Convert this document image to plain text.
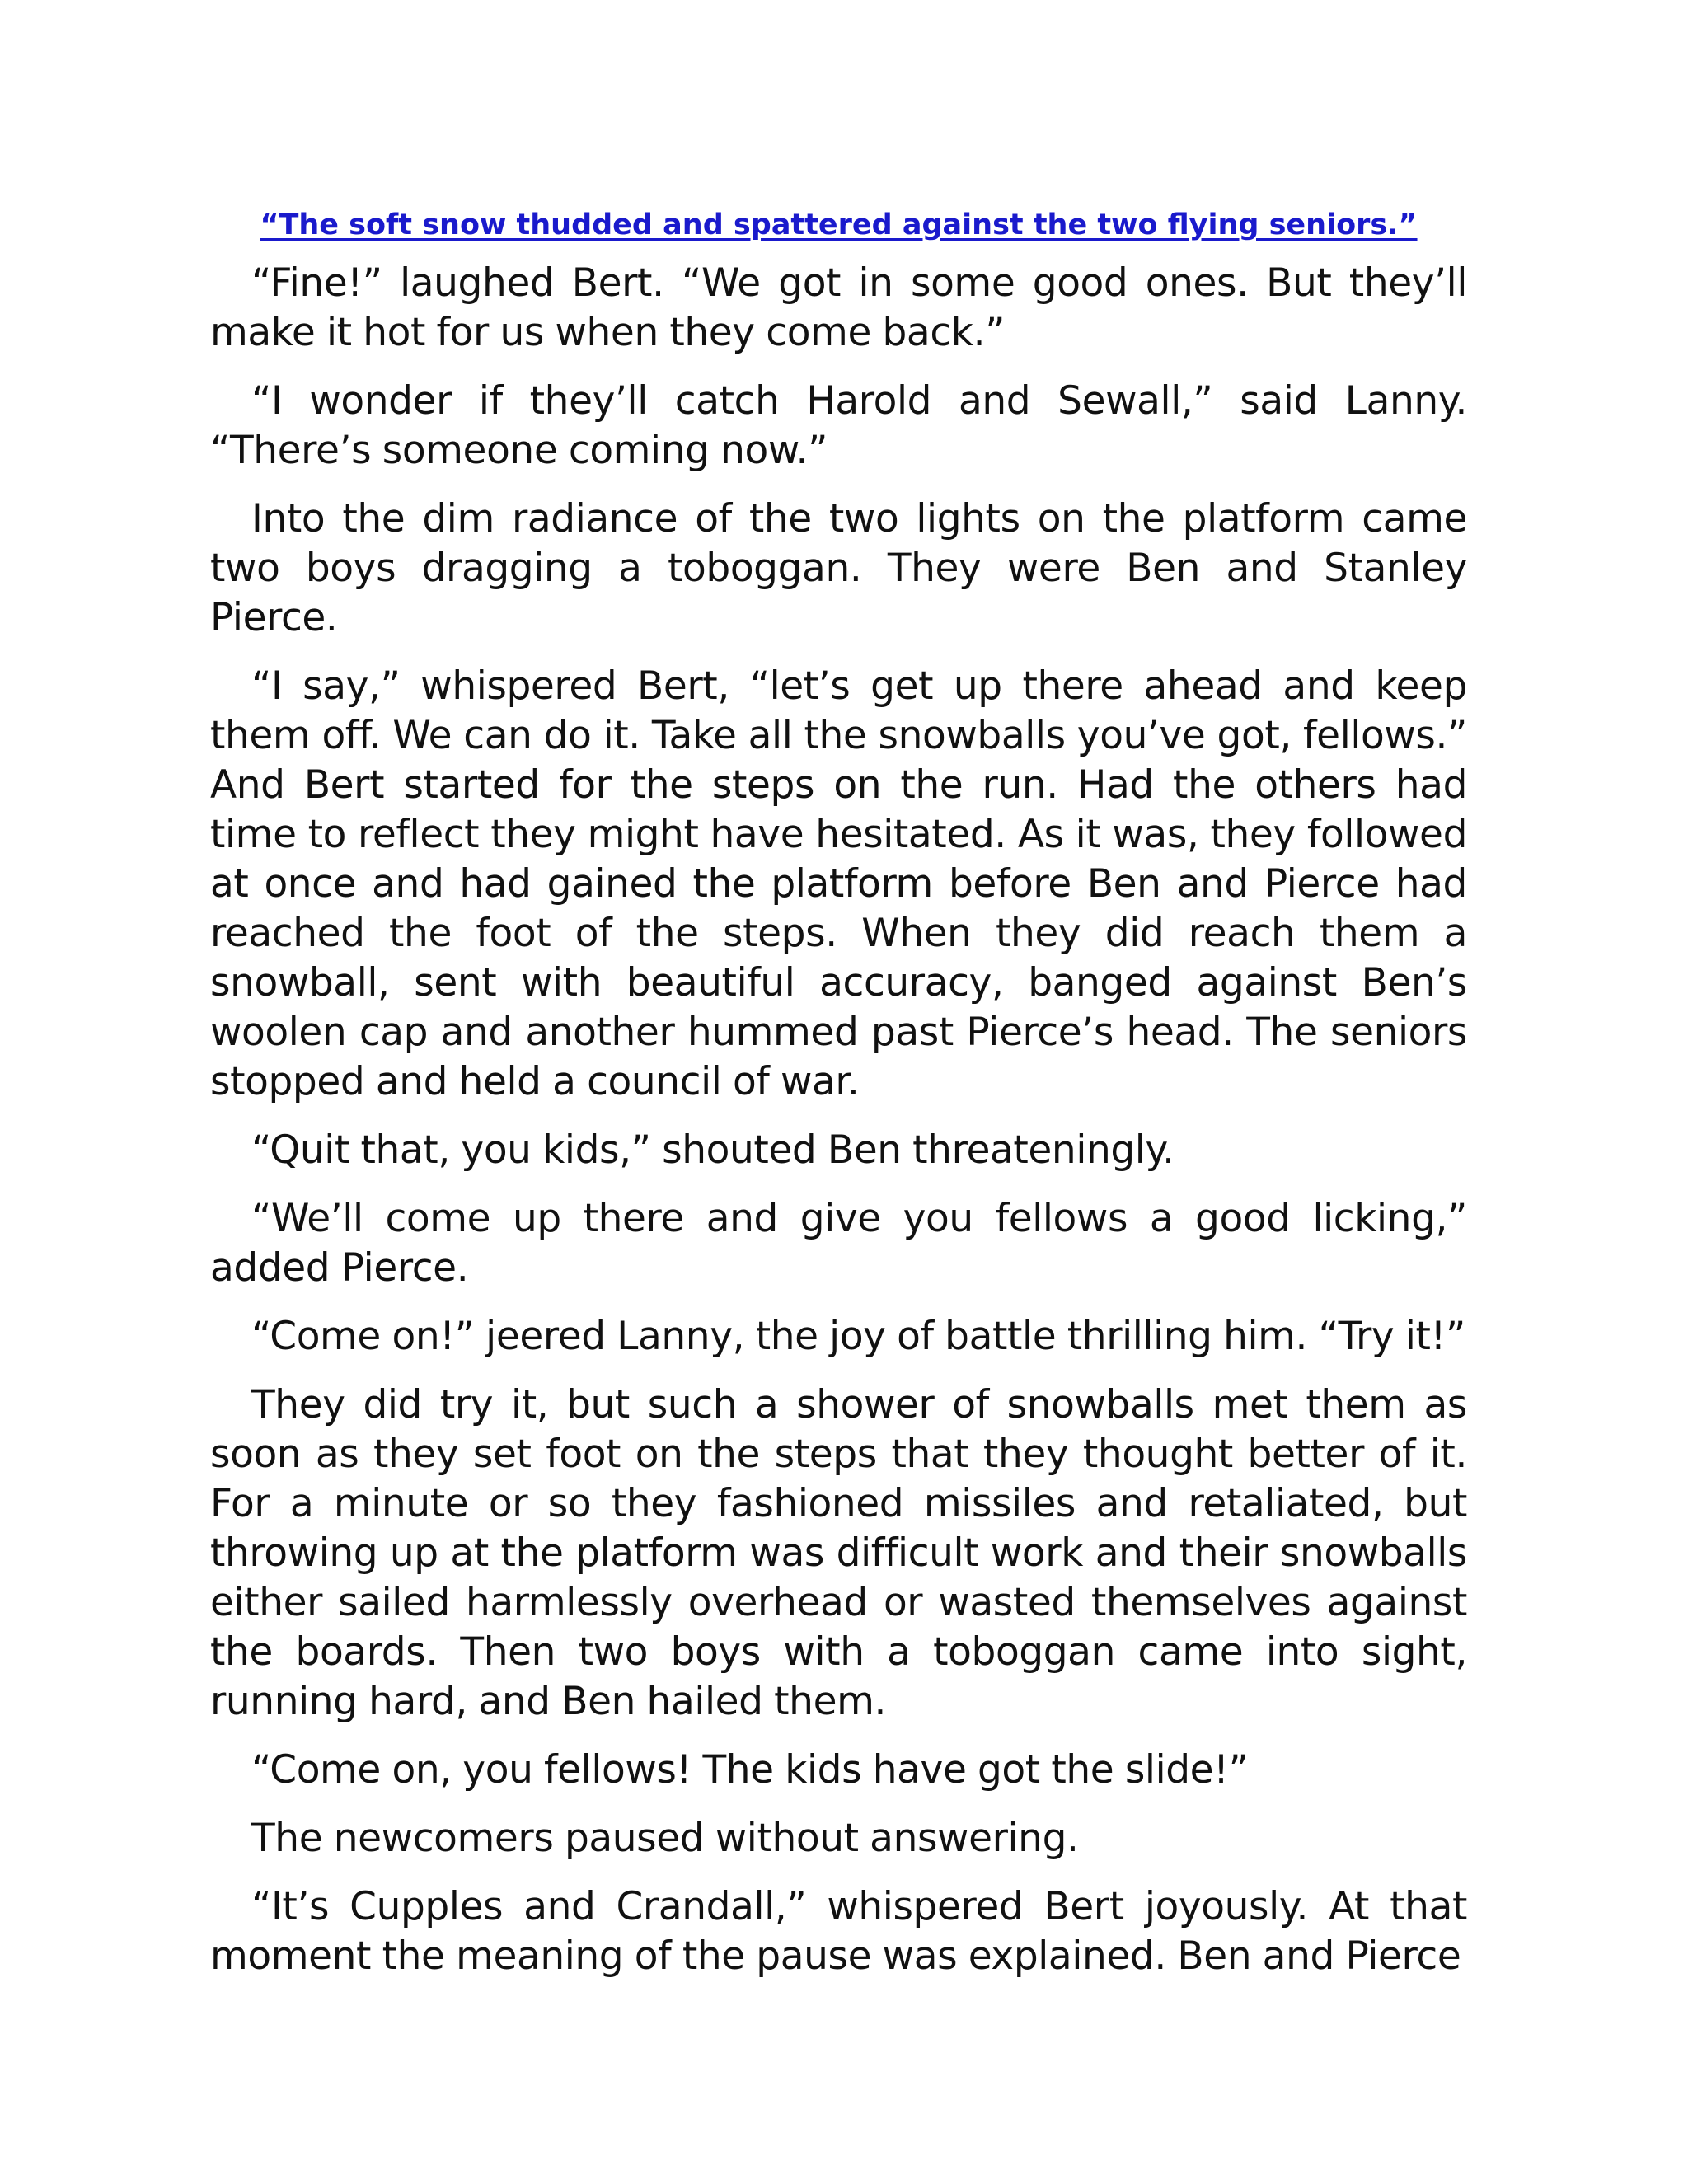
“The soft snow thudded and spattered against the two flying seniors.”

“Fine!” laughed Bert. “We got in some good ones. But they’ll make it hot for us when they come back.”

“I wonder if they’ll catch Harold and Sewall,” said Lanny. “There’s someone coming now.”

Into the dim radiance of the two lights on the platform came two boys dragging a toboggan. They were Ben and Stanley Pierce.

“I say,” whispered Bert, “let’s get up there ahead and keep them off. We can do it. Take all the snowballs you’ve got, fellows.” And Bert started for the steps on the run. Had the others had time to reflect they might have hesitated. As it was, they followed at once and had gained the platform before Ben and Pierce had reached the foot of the steps. When they did reach them a snowball, sent with beautiful accuracy, banged against Ben’s woolen cap and another hummed past Pierce’s head. The seniors stopped and held a council of war.

“Quit that, you kids,” shouted Ben threateningly.

“We’ll come up there and give you fellows a good licking,” added Pierce.

“Come on!” jeered Lanny, the joy of battle thrilling him. “Try it!”

They did try it, but such a shower of snowballs met them as soon as they set foot on the steps that they thought better of it. For a minute or so they fashioned missiles and retaliated, but throwing up at the platform was difficult work and their snowballs either sailed harmlessly overhead or wasted themselves against the boards. Then two boys with a toboggan came into sight, running hard, and Ben hailed them.

“Come on, you fellows! The kids have got the slide!”

The newcomers paused without answering.

“It’s Cupples and Crandall,” whispered Bert joyously. At that moment the meaning of the pause was explained. Ben and Pierce
